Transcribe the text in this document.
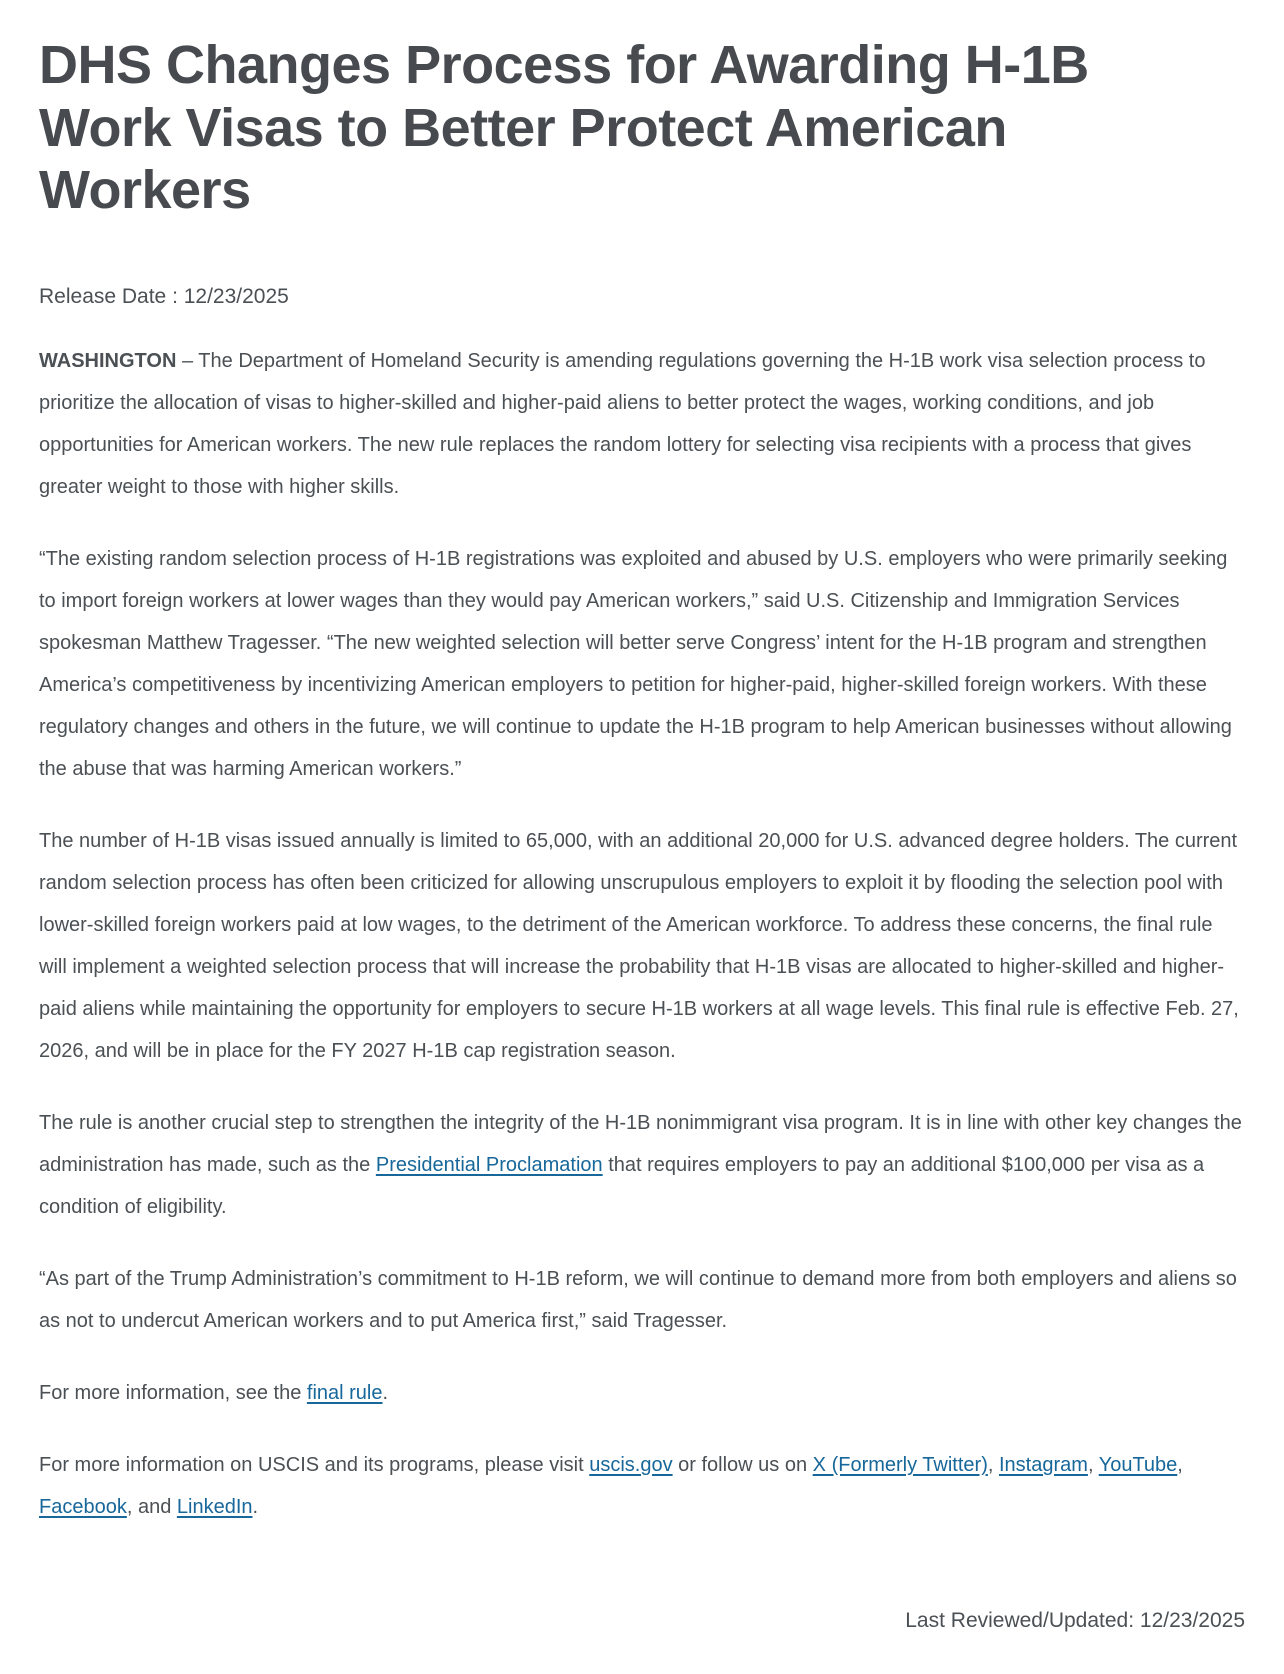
DHS Changes Process for Awarding H-1B Work Visas to Better Protect American Workers
Release Date : 12/23/2025

WASHINGTON – The Department of Homeland Security is amending regulations governing the H-1B work visa selection process to prioritize the allocation of visas to higher-skilled and higher-paid aliens to better protect the wages, working conditions, and job opportunities for American workers. The new rule replaces the random lottery for selecting visa recipients with a process that gives greater weight to those with higher skills.

“The existing random selection process of H-1B registrations was exploited and abused by U.S. employers who were primarily seeking to import foreign workers at lower wages than they would pay American workers,” said U.S. Citizenship and Immigration Services spokesman Matthew Tragesser. “The new weighted selection will better serve Congress’ intent for the H-1B program and strengthen America’s competitiveness by incentivizing American employers to petition for higher-paid, higher-skilled foreign workers. With these regulatory changes and others in the future, we will continue to update the H-1B program to help American businesses without allowing the abuse that was harming American workers.”

The number of H-1B visas issued annually is limited to 65,000, with an additional 20,000 for U.S. advanced degree holders. The current random selection process has often been criticized for allowing unscrupulous employers to exploit it by flooding the selection pool with lower-skilled foreign workers paid at low wages, to the detriment of the American workforce. To address these concerns, the final rule will implement a weighted selection process that will increase the probability that H-1B visas are allocated to higher-skilled and higher-paid aliens while maintaining the opportunity for employers to secure H-1B workers at all wage levels. This final rule is effective Feb. 27, 2026, and will be in place for the FY 2027 H-1B cap registration season.

The rule is another crucial step to strengthen the integrity of the H-1B nonimmigrant visa program. It is in line with other key changes the administration has made, such as the Presidential Proclamation that requires employers to pay an additional $100,000 per visa as a condition of eligibility.

“As part of the Trump Administration’s commitment to H-1B reform, we will continue to demand more from both employers and aliens so as not to undercut American workers and to put America first,” said Tragesser.

For more information, see the final rule.

For more information on USCIS and its programs, please visit uscis.gov or follow us on X (Formerly Twitter), Instagram, YouTube, Facebook, and LinkedIn.

Last Reviewed/Updated: 12/23/2025
